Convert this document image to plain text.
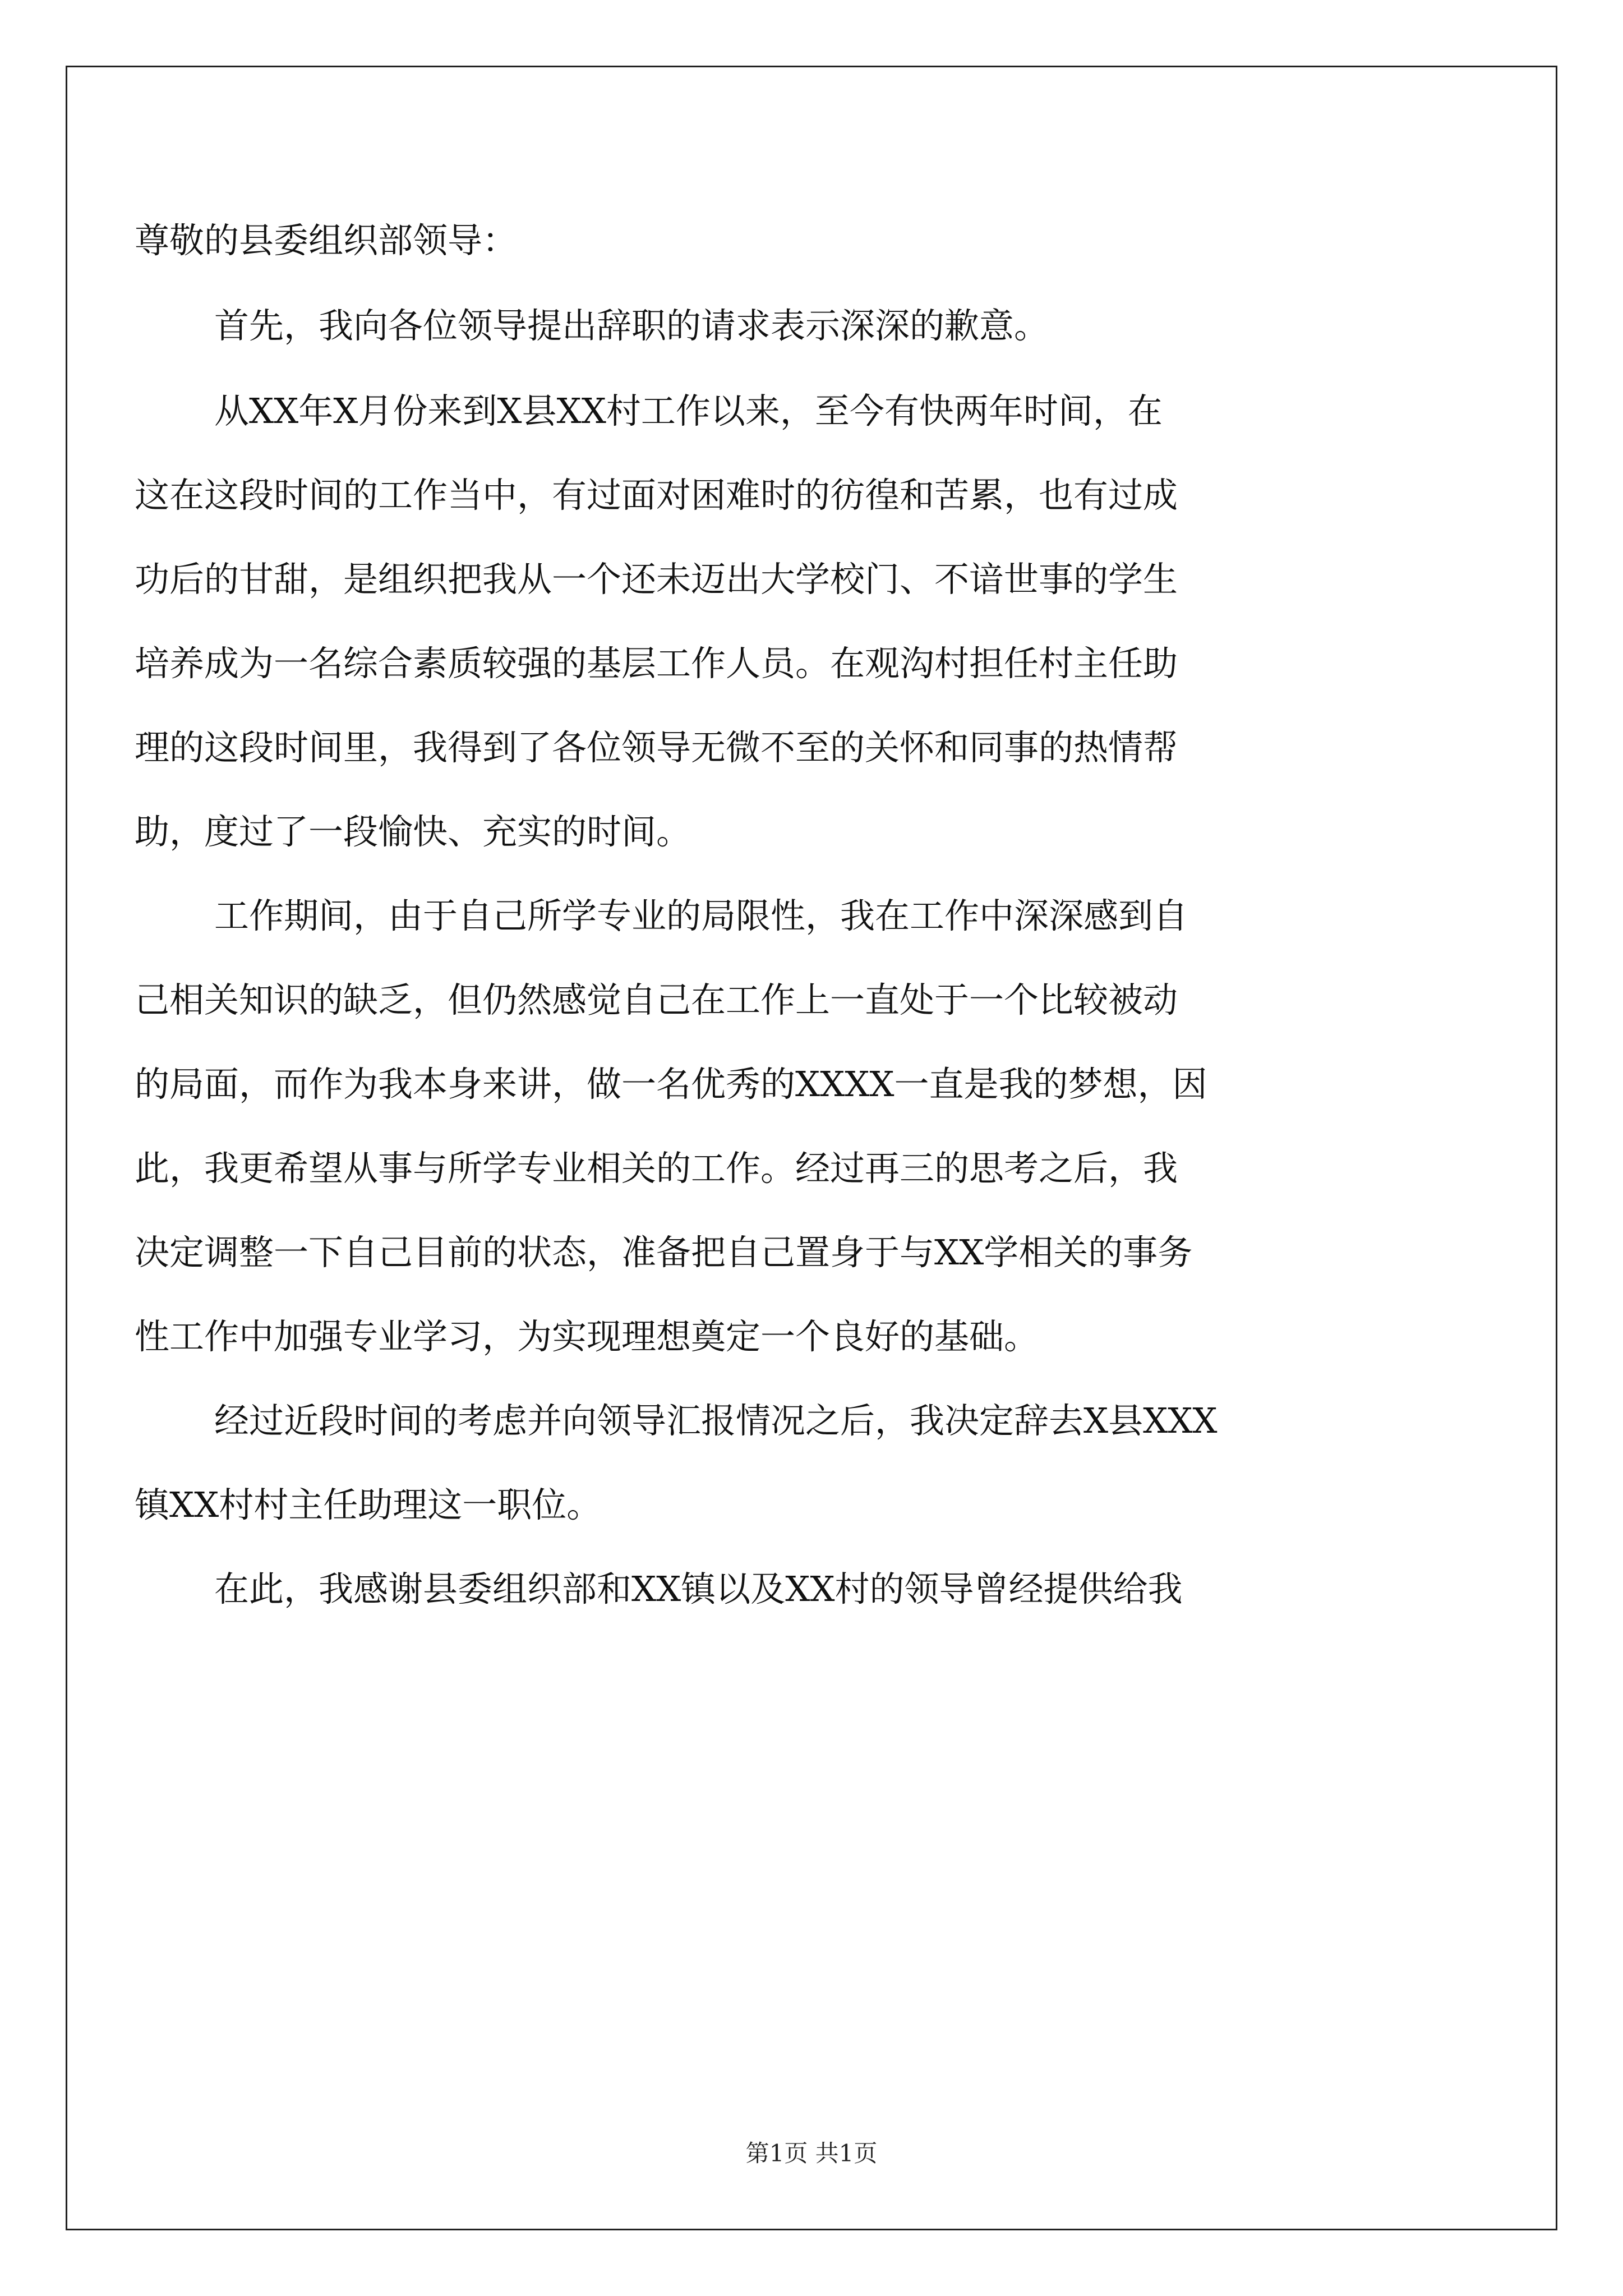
尊敬的县委组织部领导：
首先，我向各位领导提出辞职的请求表示深深的歉意。
从XX年X月份来到X县XX村工作以来，至今有快两年时间，在
这在这段时间的工作当中，有过面对困难时的彷徨和苦累，也有过成
功后的甘甜，是组织把我从一个还未迈出大学校门、不谙世事的学生
培养成为一名综合素质较强的基层工作人员。在观沟村担任村主任助
理的这段时间里，我得到了各位领导无微不至的关怀和同事的热情帮
助，度过了一段愉快、充实的时间。
工作期间，由于自己所学专业的局限性，我在工作中深深感到自
己相关知识的缺乏，但仍然感觉自己在工作上一直处于一个比较被动
的局面，而作为我本身来讲，做一名优秀的XXXX一直是我的梦想，因
此，我更希望从事与所学专业相关的工作。经过再三的思考之后，我
决定调整一下自己目前的状态，准备把自己置身于与XX学相关的事务
性工作中加强专业学习，为实现理想奠定一个良好的基础。
经过近段时间的考虑并向领导汇报情况之后，我决定辞去X县XXX
镇XX村村主任助理这一职位。
在此，我感谢县委组织部和XX镇以及XX村的领导曾经提供给我
第1页 共1页
